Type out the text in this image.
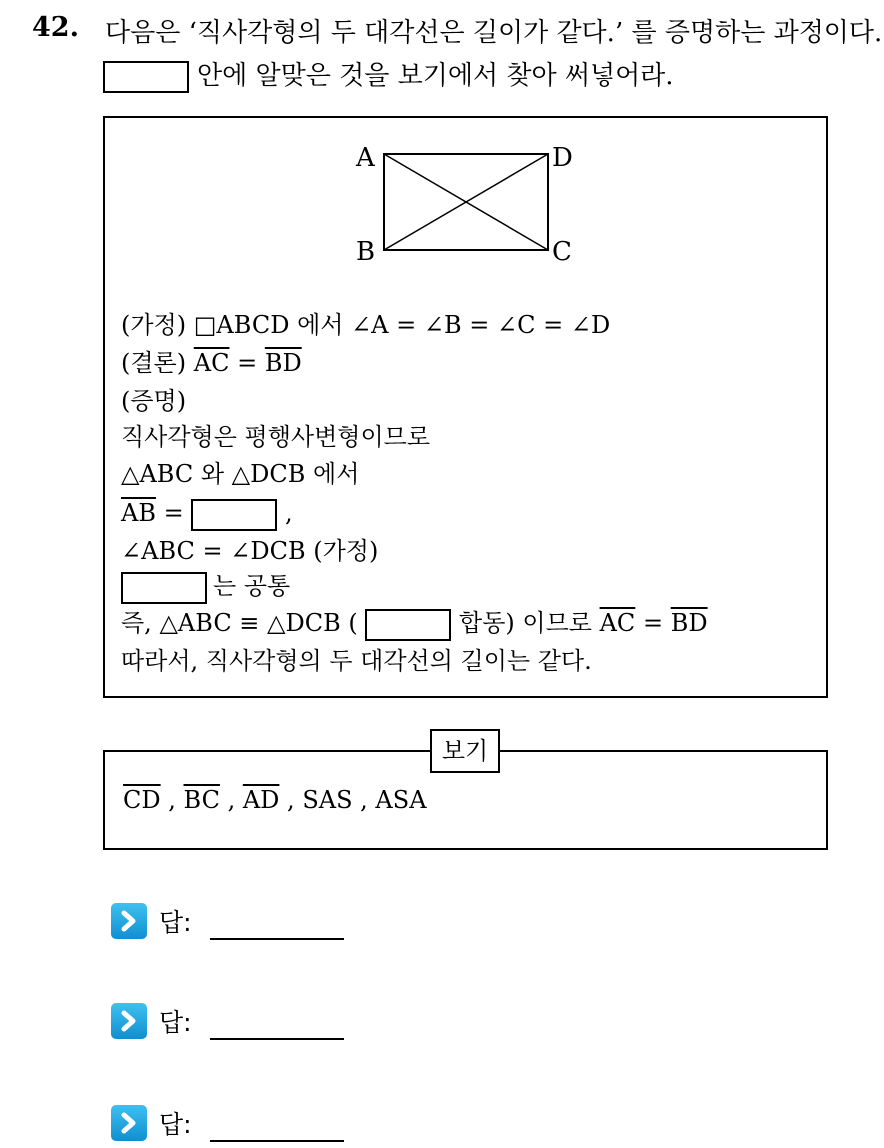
42. 다음은 ‘직사각형의 두 대각선은 길이가 같다.’ 를 증명하는 과정이다.
안에 알맞은 것을 보기에서 찾아 써넣어라.
A	D
B	C
(가정) □ABCD 에서 ∠A = ∠B = ∠C = ∠D
(결론) $\overline{AC} = \overline{BD}$
(증명)
직사각형은 평행사변형이므로
△ABC 와 △DCB 에서
$\overline{AB}$ =	,
∠ABC = ∠DCB (가정)
는 공통
즉, △ABC ≡ △DCB (	합동) 이므로 $\overline{AC} = \overline{BD}$
따라서, 직사각형의 두 대각선의 길이는 같다.
보기
$\overline{CD}$ , $\overline{BC}$ , $\overline{AD}$ , SAS , ASA
답:
답:
답:
